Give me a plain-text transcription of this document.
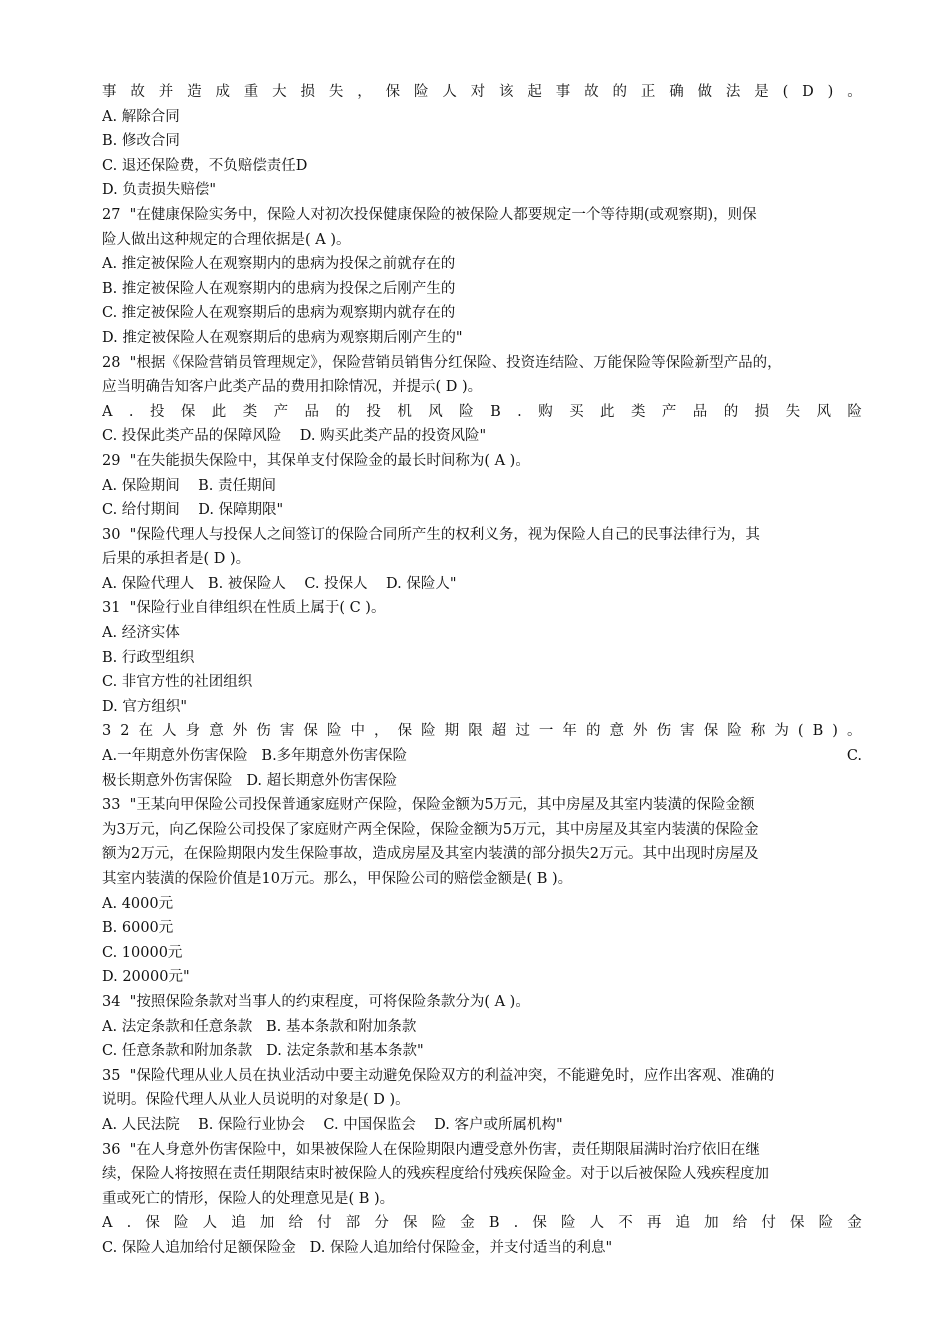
事 故 并 造 成 重 大 损 失 ， 保 险 人 对 该 起 事 故 的 正 确 做 法 是 ( D ) 。
A. 解除合同
B. 修改合同
C. 退还保险费，不负赔偿责任D
D. 负责损失赔偿"
27  "在健康保险实务中，保险人对初次投保健康保险的被保险人都要规定一个等待期(或观察期)，则保
险人做出这种规定的合理依据是( A )。
A. 推定被保险人在观察期内的患病为投保之前就存在的
B. 推定被保险人在观察期内的患病为投保之后刚产生的
C. 推定被保险人在观察期后的患病为观察期内就存在的
D. 推定被保险人在观察期后的患病为观察期后刚产生的"
28  "根据《保险营销员管理规定》，保险营销员销售分红保险、投资连结险、万能保险等保险新型产品的，
应当明确告知客户此类产品的费用扣除情况，并提示( D )。
A . 投 保 此 类 产 品 的 投 机 风 险 B . 购 买 此 类 产 品 的 损 失 风 险
C. 投保此类产品的保障风险    D. 购买此类产品的投资风险"
29  "在失能损失保险中，其保单支付保险金的最长时间称为( A )。
A. 保险期间    B. 责任期间
C. 给付期间    D. 保障期限"
30  "保险代理人与投保人之间签订的保险合同所产生的权利义务，视为保险人自己的民事法律行为，其
后果的承担者是( D )。
A. 保险代理人   B. 被保险人    C. 投保人    D. 保险人"
31  "保险行业自律组织在性质上属于( C )。
A. 经济实体
B. 行政型组织
C. 非官方性的社团组织
D. 官方组织"
3 2 在 人 身 意 外 伤 害 保 险 中 ， 保 险 期 限 超 过 一 年 的 意 外 伤 害 保 险 称 为 ( B ) 。
A.一年期意外伤害保险   B.多年期意外伤害保险	C.
极长期意外伤害保险   D. 超长期意外伤害保险
33  "王某向甲保险公司投保普通家庭财产保险，保险金额为5万元，其中房屋及其室内装潢的保险金额
为3万元，向乙保险公司投保了家庭财产两全保险，保险金额为5万元，其中房屋及其室内装潢的保险金
额为2万元，在保险期限内发生保险事故，造成房屋及其室内装潢的部分损失2万元。其中出现时房屋及
其室内装潢的保险价值是10万元。那么，甲保险公司的赔偿金额是( B )。
A. 4000元
B. 6000元
C. 10000元
D. 20000元"
34  "按照保险条款对当事人的约束程度，可将保险条款分为( A )。
A. 法定条款和任意条款   B. 基本条款和附加条款
C. 任意条款和附加条款   D. 法定条款和基本条款"
35  "保险代理从业人员在执业活动中要主动避免保险双方的利益冲突，不能避免时，应作出客观、准确的
说明。保险代理人从业人员说明的对象是( D )。
A. 人民法院    B. 保险行业协会    C. 中国保监会    D. 客户或所属机构"
36  "在人身意外伤害保险中，如果被保险人在保险期限内遭受意外伤害，责任期限届满时治疗依旧在继
续，保险人将按照在责任期限结束时被保险人的残疾程度给付残疾保险金。对于以后被保险人残疾程度加
重或死亡的情形，保险人的处理意见是( B )。
A . 保 险 人 追 加 给 付 部 分 保 险 金 B . 保 险 人 不 再 追 加 给 付 保 险 金
C. 保险人追加给付足额保险金   D. 保险人追加给付保险金，并支付适当的利息"
